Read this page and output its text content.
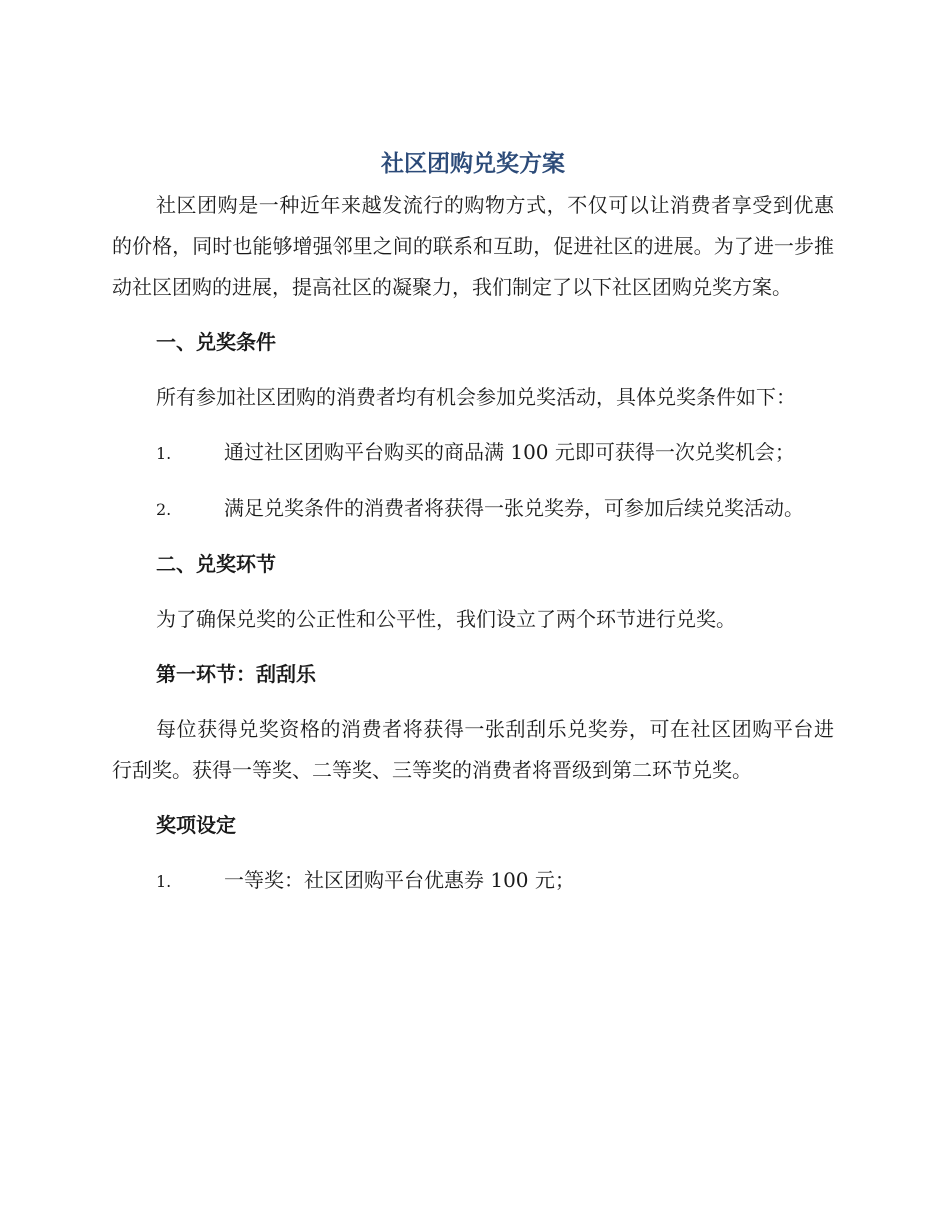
社区团购兑奖方案

社区团购是一种近年来越发流行的购物方式，不仅可以让消费者享受到优惠的价格，同时也能够增强邻里之间的联系和互助，促进社区的进展。为了进一步推动社区团购的进展，提高社区的凝聚力，我们制定了以下社区团购兑奖方案。

一、兑奖条件

所有参加社区团购的消费者均有机会参加兑奖活动，具体兑奖条件如下：

1.	通过社区团购平台购买的商品满 100 元即可获得一次兑奖机会；

2.	满足兑奖条件的消费者将获得一张兑奖券，可参加后续兑奖活动。

二、兑奖环节

为了确保兑奖的公正性和公平性，我们设立了两个环节进行兑奖。

第一环节：刮刮乐

每位获得兑奖资格的消费者将获得一张刮刮乐兑奖券，可在社区团购平台进行刮奖。获得一等奖、二等奖、三等奖的消费者将晋级到第二环节兑奖。

奖项设定

1.	一等奖：社区团购平台优惠券 100 元；
